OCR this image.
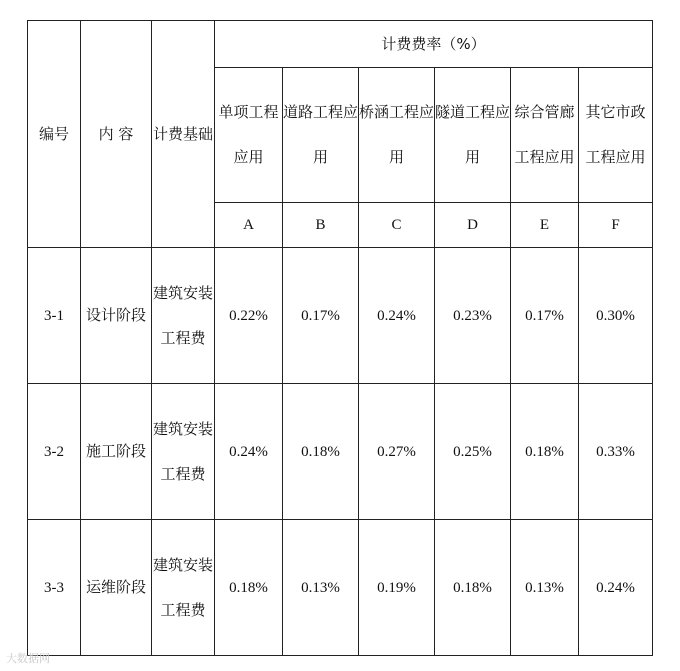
编号	内 容	计费基础	计费费率（%）					
			单项工程应用	道路工程应用	桥涵工程应用	隧道工程应用	综合管廊工程应用	其它市政工程应用
			A	B	C	D	E	F
3-1	设计阶段	建筑安装工程费	0.22%	0.17%	0.24%	0.23%	0.17%	0.30%
3-2	施工阶段	建筑安装工程费	0.24%	0.18%	0.27%	0.25%	0.18%	0.33%
3-3	运维阶段	建筑安装工程费	0.18%	0.13%	0.19%	0.18%	0.13%	0.24%
大数据网
